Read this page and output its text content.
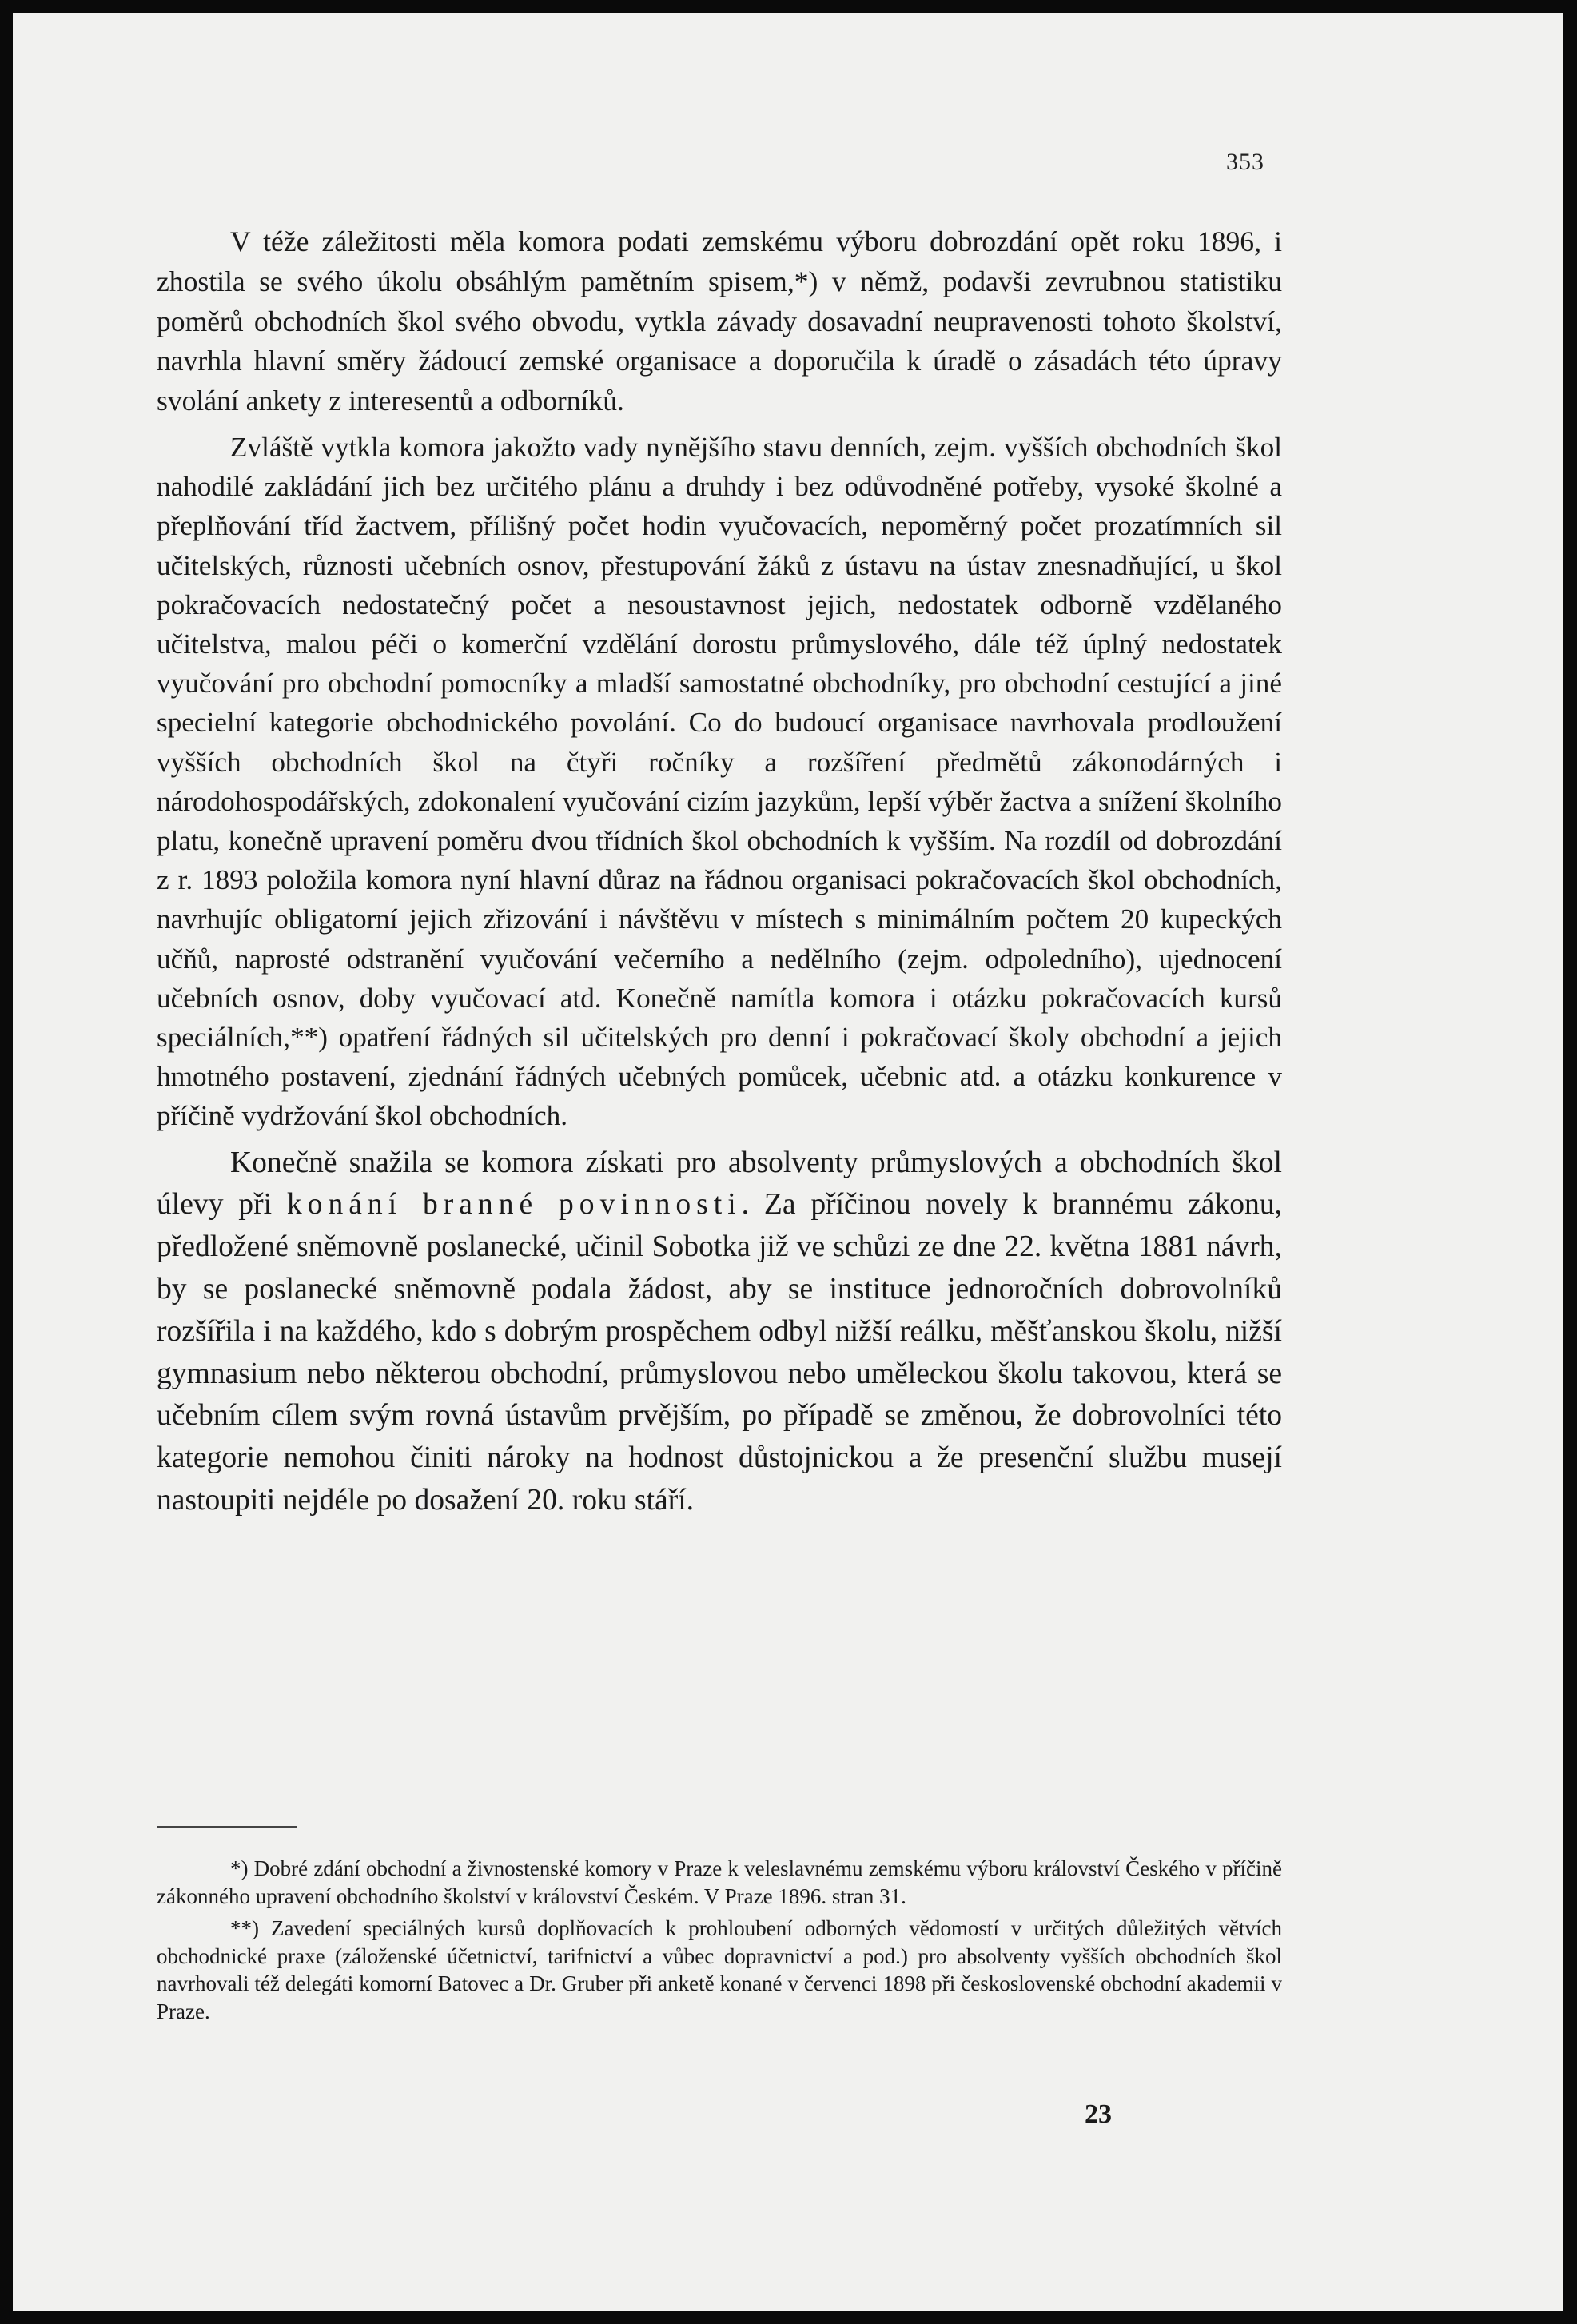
353

V téže záležitosti měla komora podati zemskému výboru dobrozdání opět roku 1896, i zhostila se svého úkolu obsáhlým pamětním spisem,*) v němž, podavši zevrubnou statistiku poměrů obchodních škol svého obvodu, vytkla závady dosavadní neupravenosti tohoto školství, navrhla hlavní směry žádoucí zemské organisace a doporučila k úradě o zásadách této úpravy svolání ankety z interesentů a odborníků.

Zvláště vytkla komora jakožto vady nynějšího stavu denních, zejm. vyšších obchodních škol nahodilé zakládání jich bez určitého plánu a druhdy i bez odůvodněné potřeby, vysoké školné a přeplňování tříd žactvem, přílišný počet hodin vyučovacích, nepoměrný počet prozatímních sil učitelských, různosti učebních osnov, přestupování žáků z ústavu na ústav znesnadňující, u škol pokračovacích nedostatečný počet a nesoustavnost jejich, nedostatek odborně vzdělaného učitelstva, malou péči o komerční vzdělání dorostu průmyslového, dále též úplný nedostatek vyučování pro obchodní pomocníky a mladší samostatné obchodníky, pro obchodní cestující a jiné specielní kategorie obchodnického povolání. Co do budoucí organisace navrhovala prodloužení vyšších obchodních škol na čtyři ročníky a rozšíření předmětů zákonodárných i národohospodářských, zdokonalení vyučování cizím jazykům, lepší výběr žactva a snížení školního platu, konečně upravení poměru dvou třídních škol obchodních k vyšším. Na rozdíl od dobrozdání z r. 1893 položila komora nyní hlavní důraz na řádnou organisaci pokračovacích škol obchodních, navrhujíc obligatorní jejich zřizování i návštěvu v místech s minimálním počtem 20 kupeckých učňů, naprosté odstranění vyučování večerního a nedělního (zejm. odpoledního), ujednocení učebních osnov, doby vyučovací atd. Konečně namítla komora i otázku pokračovacích kursů speciálních,**) opatření řádných sil učitelských pro denní i pokračovací školy obchodní a jejich hmotného postavení, zjednání řádných učebných pomůcek, učebnic atd. a otázku konkurence v příčině vydržování škol obchodních.

Konečně snažila se komora získati pro absolventy průmyslových a obchodních škol úlevy při konání branné povinnosti. Za příčinou novely k brannému zákonu, předložené sněmovně poslanecké, učinil Sobotka již ve schůzi ze dne 22. května 1881 návrh, by se poslanecké sněmovně podala žádost, aby se instituce jednoročních dobrovolníků rozšířila i na každého, kdo s dobrým prospěchem odbyl nižší reálku, měšťanskou školu, nižší gymnasium nebo některou obchodní, průmyslovou nebo uměleckou školu takovou, která se učebním cílem svým rovná ústavům prvějším, po případě se změnou, že dobrovolníci této kategorie nemohou činiti nároky na hodnost důstojnickou a že presenční službu musejí nastoupiti nejdéle po dosažení 20. roku stáří.

*) Dobré zdání obchodní a živnostenské komory v Praze k veleslavnému zemskému výboru království Českého v příčině zákonného upravení obchodního školství v království Českém. V Praze 1896. stran 31.

**) Zavedení speciálných kursů doplňovacích k prohloubení odborných vědomostí v určitých důležitých větvích obchodnické praxe (záloženské účetnictví, tarifnictví a vůbec dopravnictví a pod.) pro absolventy vyšších obchodních škol navrhovali též delegáti komorní Batovec a Dr. Gruber při anketě konané v červenci 1898 při československé obchodní akademii v Praze.

23
